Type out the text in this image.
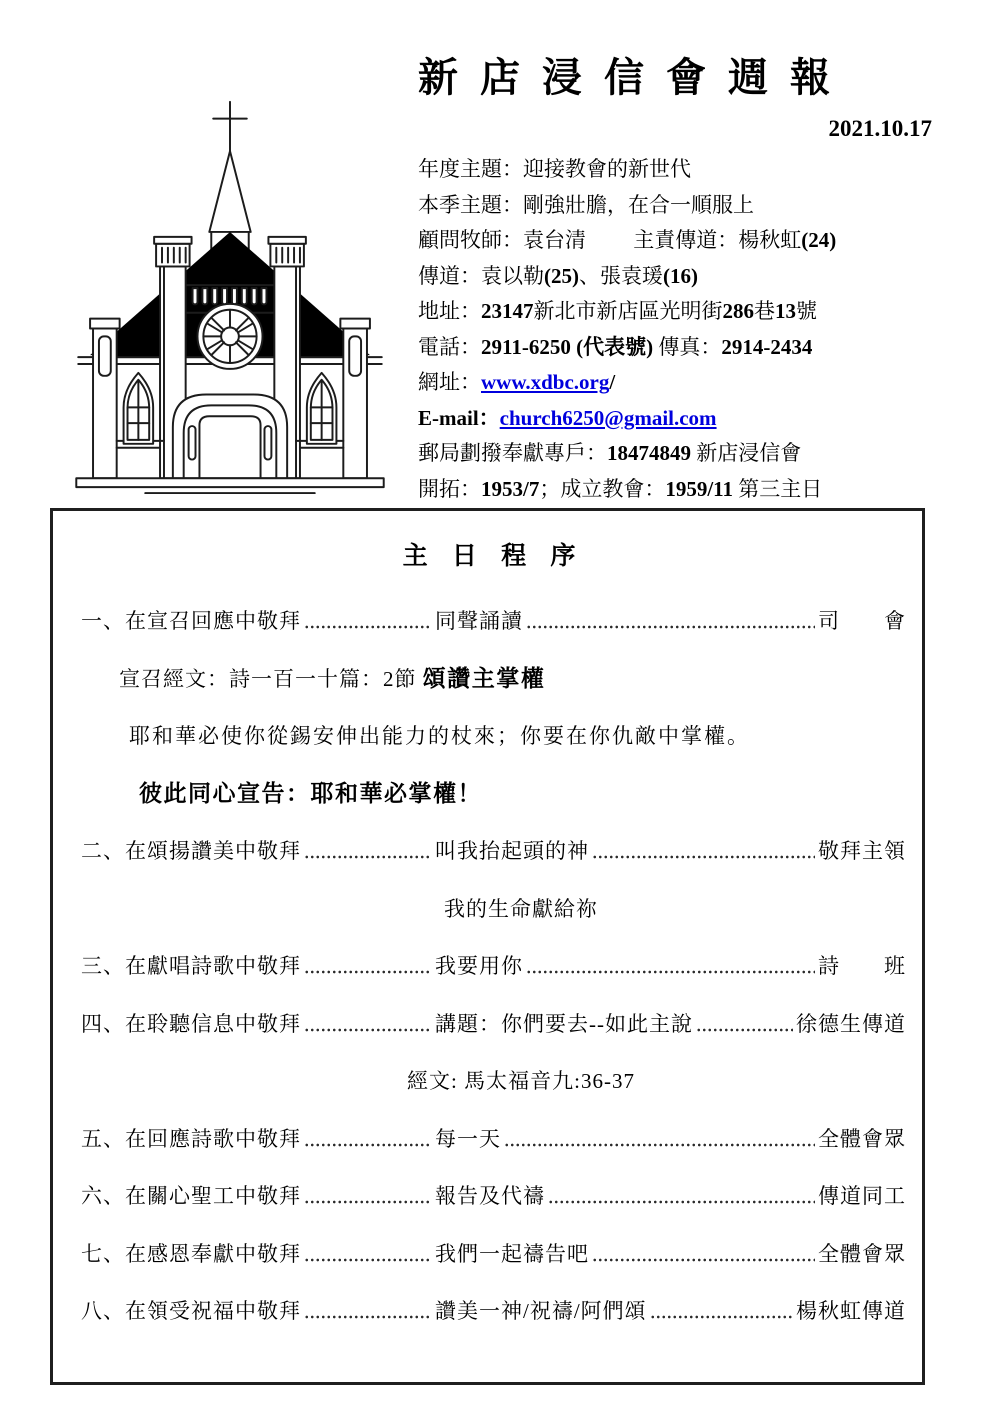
新 店 浸 信 會 週 報
2021.10.17
年度主題：迎接教會的新世代
本季主題：剛強壯膽，在合一順服上
顧問牧師：袁台清　　 主責傳道：楊秋虹(24)
傳道：袁以勒(25)、張袁瑗(16)
地址：23147新北市新店區光明街286巷13號
電話：2911-6250 (代表號) 傳真：2914-2434
網址：www.xdbc.org/
E-mail：church6250@gmail.com
郵局劃撥奉獻專戶：18474849 新店浸信會
開拓：1953/7；成立教會：1959/11 第三主日
主 日 程 序
一、在宣召回應中敬拜	同聲誦讀	司　　會
宣召經文：詩一百一十篇：2節 頌讚主掌權
耶和華必使你從錫安伸出能力的杖來；你要在你仇敵中掌權。
彼此同心宣告：耶和華必掌權！
二、在頌揚讚美中敬拜	叫我抬起頭的神	敬拜主領
我的生命獻給祢
三、在獻唱詩歌中敬拜	我要用你	詩　　班
四、在聆聽信息中敬拜	講題：你們要去--如此主說	徐德生傳道
經文: 馬太福音九:36-37
五、在回應詩歌中敬拜	每一天	全體會眾
六、在關心聖工中敬拜	報告及代禱	傳道同工
七、在感恩奉獻中敬拜	我們一起禱告吧	全體會眾
八、在領受祝福中敬拜	讚美一神/祝禱/阿們頌	楊秋虹傳道
